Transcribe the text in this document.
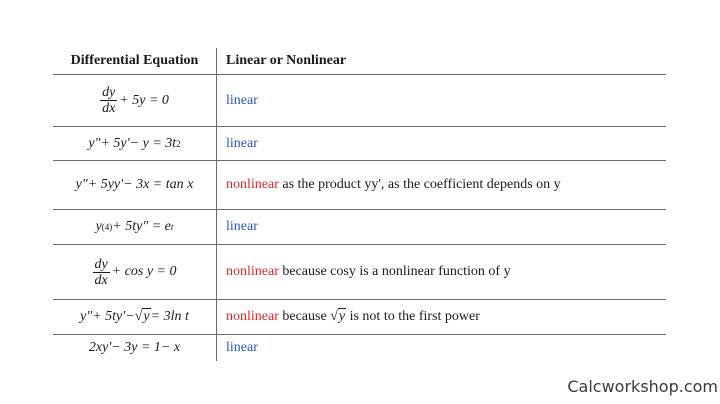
Differential Equation	Linear or Nonlinear
$\frac{dy}{dx} + 5y = 0$	linear
y"+ 5y'− y = 3t 2	linear
y"+ 5yy'− 3x = tan x	nonlinear as the product yy', as the coefficient depends on y
y (4) + 5ty" = e t	linear
$\frac{dy}{dx} + \cos y = 0$	nonlinear because cosy is a nonlinear function of y
y"+ 5ty'− √y = 3ln t	nonlinear because √y is not to the first power
2xy'− 3y = 1− x	linear
Calcworkshop.com
